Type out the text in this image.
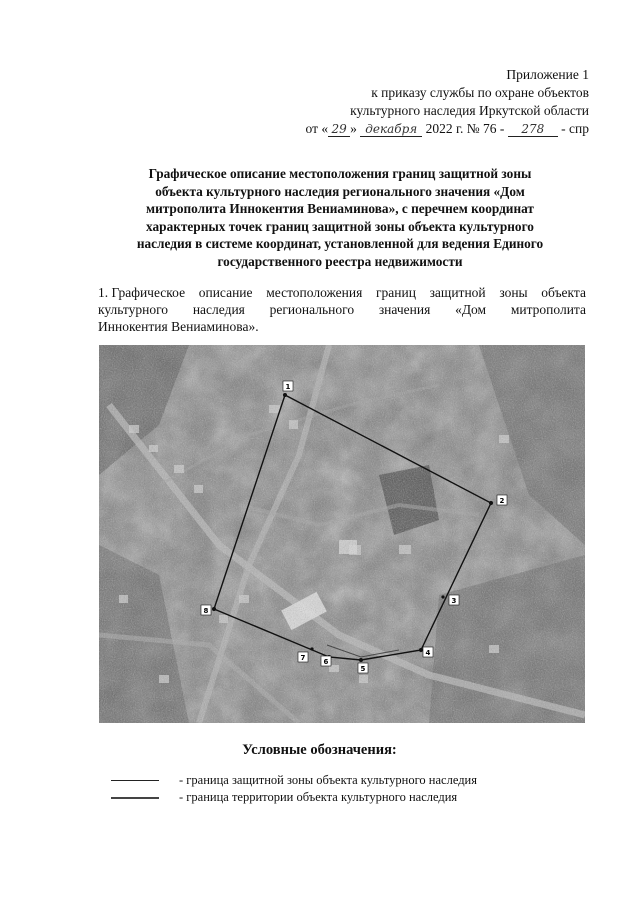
Приложение 1
к приказу службы по охране объектов
культурного наследия Иркутской области
от « 29 » декабря 2022 г. № 76 - 278 - спр
Графическое описание местоположения границ защитной зоны
объекта культурного наследия регионального значения «Дом
митрополита Иннокентия Вениаминова», с перечнем координат
характерных точек границ защитной зоны объекта культурного
наследия в системе координат, установленной для ведения Единого
государственного реестра недвижимости
1. Графическое описание местоположения границ защитной зоны объекта
культурного наследия регионального значения «Дом митрополита
Иннокентия Вениаминова».
1
2
3
4
5
6
7
8
Условные обозначения:
- граница защитной зоны объекта культурного наследия
- граница территории объекта культурного наследия
